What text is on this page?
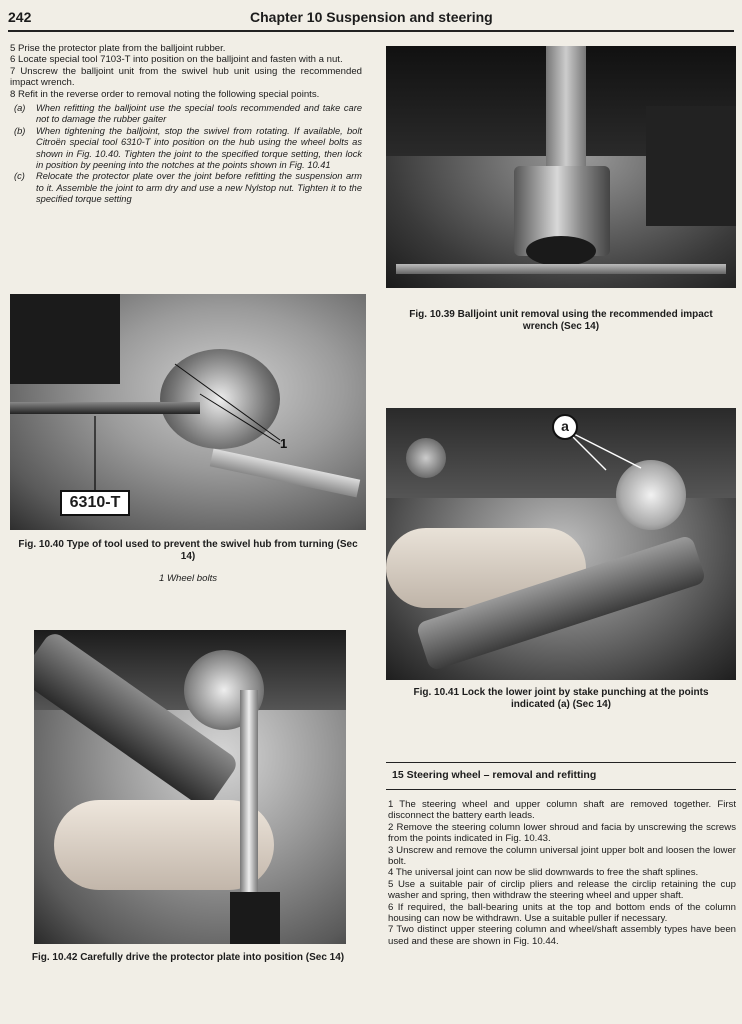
242	Chapter 10 Suspension and steering

5 Prise the protector plate from the balljoint rubber.

6 Locate special tool 7103-T into position on the balljoint and fasten with a nut.

7 Unscrew the balljoint unit from the swivel hub unit using the recommended impact wrench.

8 Refit in the reverse order to removal noting the following special points.

(a)	When refitting the balljoint use the special tools recommended and take care not to damage the rubber gaiter
(b)	When tightening the balljoint, stop the swivel from rotating. If available, bolt Citroën special tool 6310-T into position on the hub using the wheel bolts as shown in Fig. 10.40. Tighten the joint to the specified torque setting, then lock in position by peening into the notches at the points shown in Fig. 10.41
(c)	Relocate the protector plate over the joint before refitting the suspension arm to it. Assemble the joint to arm dry and use a new Nylstop nut. Tighten it to the specified torque setting
Fig. 10.39 Balljoint unit removal using the recommended impact wrench (Sec 14)
1
6310-T
Fig. 10.40 Type of tool used to prevent the swivel hub from turning (Sec 14)
1 Wheel bolts
a
Fig. 10.41 Lock the lower joint by stake punching at the points indicated (a) (Sec 14)
Fig. 10.42 Carefully drive the protector plate into position (Sec 14)
15 Steering wheel – removal and refitting

1 The steering wheel and upper column shaft are removed together. First disconnect the battery earth leads.

2 Remove the steering column lower shroud and facia by unscrewing the screws from the points indicated in Fig. 10.43.

3 Unscrew and remove the column universal joint upper bolt and loosen the lower bolt.

4 The universal joint can now be slid downwards to free the shaft splines.

5 Use a suitable pair of circlip pliers and release the circlip retaining the cup washer and spring, then withdraw the steering wheel and upper shaft.

6 If required, the ball-bearing units at the top and bottom ends of the column housing can now be withdrawn. Use a suitable puller if necessary.

7 Two distinct upper steering column and wheel/shaft assembly types have been used and these are shown in Fig. 10.44.
